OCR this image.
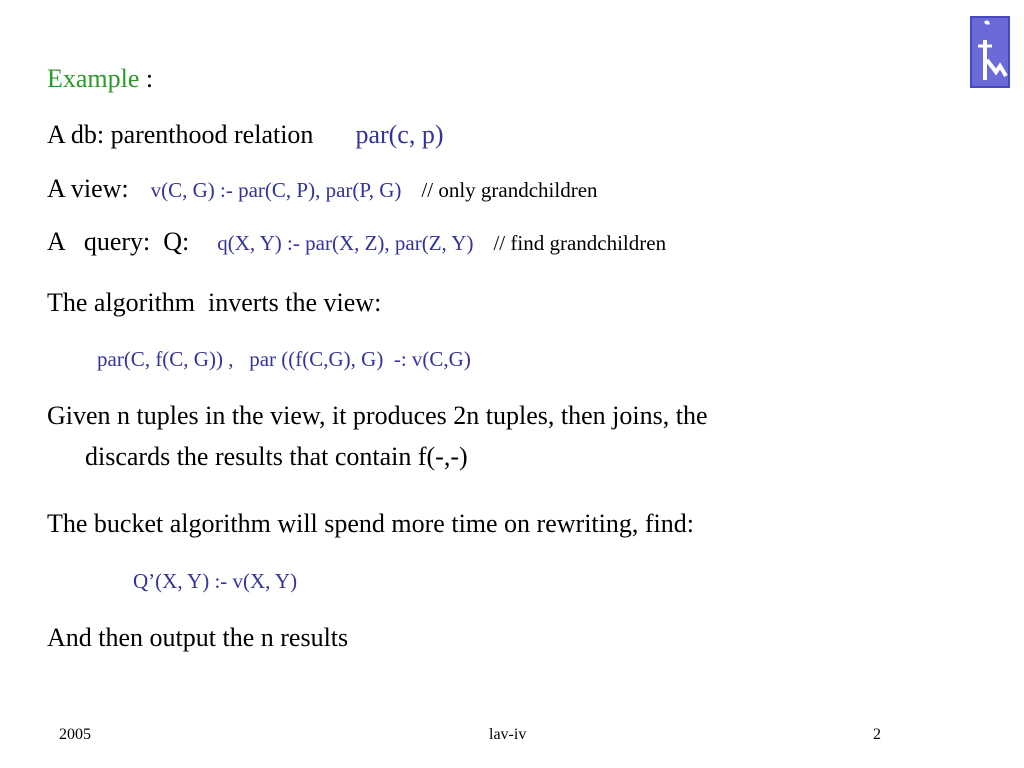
Example :
A db: parenthood relation par(c, p)
A view: v(C, G) :- par(C, P), par(P, G) // only grandchildren
A   query:  Q: q(X, Y) :- par(X, Z), par(Z, Y) // find grandchildren
The algorithm  inverts the view:
par(C, f(C, G)) ,   par ((f(C,G), G)  -: v(C,G)
Given n tuples in the view, it produces 2n tuples, then joins, the
discards the results that contain f(-,-)
The bucket algorithm will spend more time on rewriting, find:
Q’(X, Y) :- v(X, Y)
And then output the n results
2005	lav-iv	2
